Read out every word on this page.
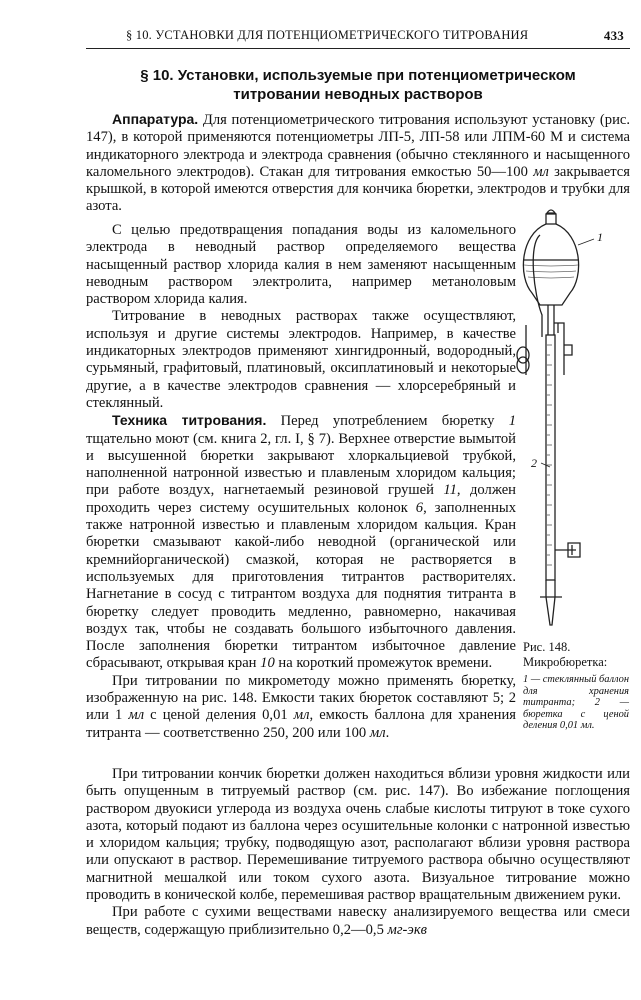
§ 10. УСТАНОВКИ ДЛЯ ПОТЕНЦИОМЕТРИЧЕСКОГО ТИТРОВАНИЯ	433
§ 10. Установки, используемые при потенциометрическом
титровании неводных растворов

Аппаратура. Для потенциометрического титрования используют установку (рис. 147), в которой применяются потенциометры ЛП-5, ЛП-58 или ЛПМ-60 М и система индикаторного электрода и электрода сравнения (обычно стеклянного и насыщенного каломельного электродов). Стакан для титрования емкостью 50—100 мл закрывается крышкой, в которой имеются отверстия для кончика бюретки, электродов и трубки для азота.

С целью предотвращения попадания воды из каломельного электрода в неводный раствор определяемого вещества насыщенный раствор хлорида калия в нем заменяют насыщенным неводным раствором электролита, например метаноловым раствором хлорида калия.

Титрование в неводных растворах также осуществляют, используя и другие системы электродов. Например, в качестве индикаторных электродов применяют хингидронный, водородный, сурьмяный, графитовый, платиновый, оксиплатиновый и некоторые другие, а в качестве электродов сравнения — хлорсеребряный и стеклянный.

Техника титрования. Перед употреблением бюретку 1 тщательно моют (см. книга 2, гл. I, § 7). Верхнее отверстие вымытой и высушенной бюретки закрывают хлоркальциевой трубкой, наполненной натронной известью и плавленым хлоридом кальция; при работе воздух, нагнетаемый резиновой грушей 11, должен проходить через систему осушительных колонок 6, заполненных также натронной известью и плавленым хлоридом кальция. Кран бюретки смазывают какой-либо неводной (органической или кремнийорганической) смазкой, которая не растворяется в используемых для приготовления титрантов растворителях. Нагнетание в сосуд с титрантом воздуха для поднятия титранта в бюретку следует проводить медленно, равномерно, накачивая воздух так, чтобы не создавать большого избыточного давления. После заполнения бюретки титрантом избыточное давление сбрасывают, открывая кран 10 на короткий промежуток времени.

При титровании по микрометоду можно применять бюретку, изображенную на рис. 148. Емкости таких бюреток составляют 5; 2 или 1 мл с ценой деления 0,01 мл, емкость баллона для хранения титранта — соответственно 250, 200 или 100 мл.

1
2
Рис. 148. Микробюретка:
1 — стеклянный баллон для хранения титранта; 2 — бюретка с ценой деления 0,01 мл.

При титровании кончик бюретки должен находиться вблизи уровня жидкости или быть опущенным в титруемый раствор (см. рис. 147). Во избежание поглощения раствором двуокиси углерода из воздуха очень слабые кислоты титруют в токе сухого азота, который подают из баллона через осушительные колонки с натронной известью и хлоридом кальция; трубку, подводящую азот, располагают вблизи уровня раствора или опускают в раствор. Перемешивание титруемого раствора обычно осуществляют магнитной мешалкой или током сухого азота. Визуальное титрование можно проводить в конической колбе, перемешивая раствор вращательным движением руки.

При работе с сухими веществами навеску анализируемого вещества или смеси веществ, содержащую приблизительно 0,2—0,5 мг-экв
